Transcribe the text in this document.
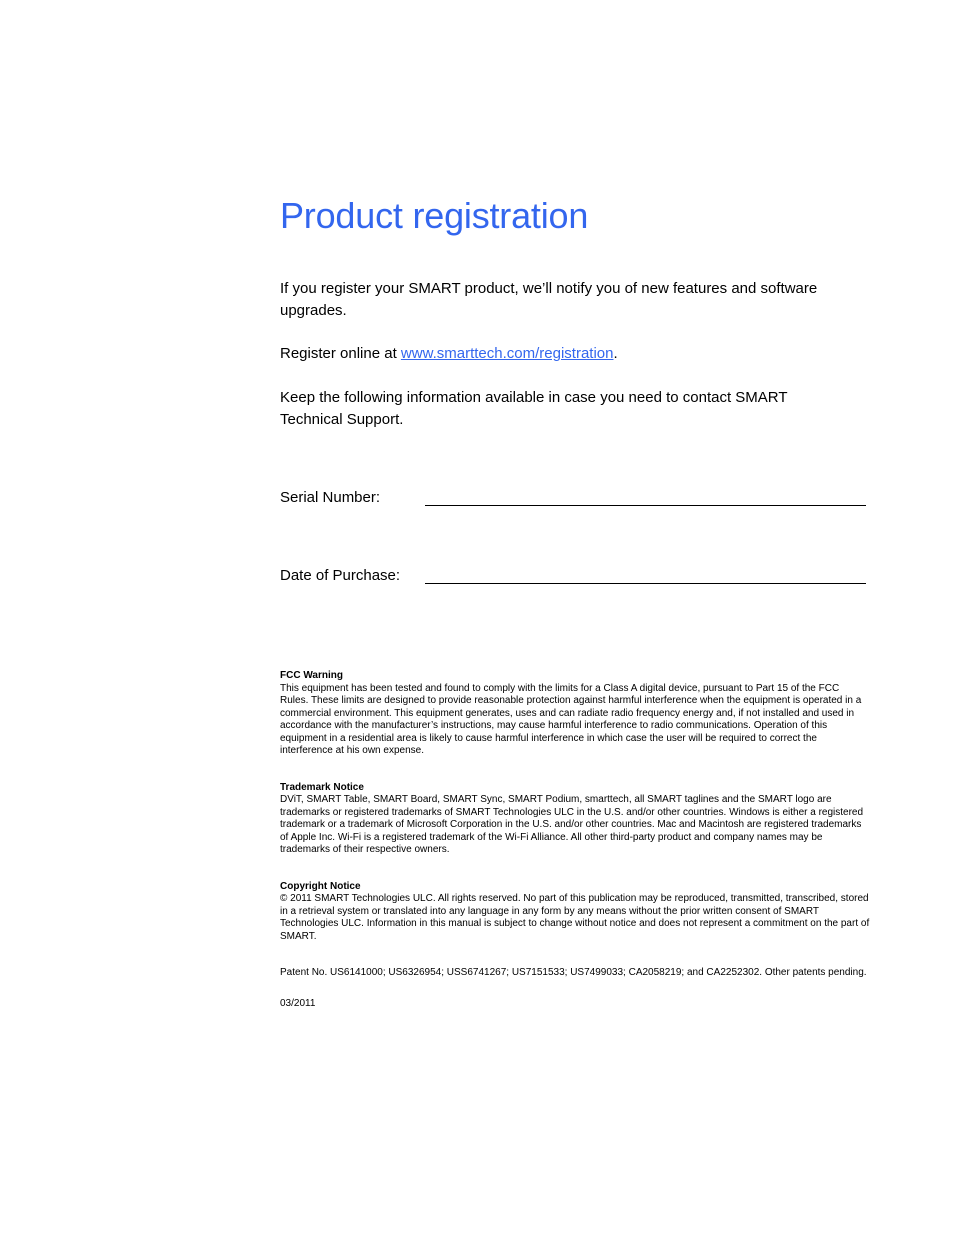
Product registration

If you register your SMART product, we’ll notify you of new features and software upgrades.

Register online at www.smarttech.com/registration.

Keep the following information available in case you need to contact SMART Technical Support.

Serial Number:
Date of Purchase:

FCC Warning

This equipment has been tested and found to comply with the limits for a Class A digital device, pursuant to Part 15 of the FCC Rules. These limits are designed to provide reasonable protection against harmful interference when the equipment is operated in a commercial environment. This equipment generates, uses and can radiate radio frequency energy and, if not installed and used in accordance with the manufacturer’s instructions, may cause harmful interference to radio communications. Operation of this equipment in a residential area is likely to cause harmful interference in which case the user will be required to correct the interference at his own expense.

Trademark Notice

DViT, SMART Table, SMART Board, SMART Sync, SMART Podium, smarttech, all SMART taglines and the SMART logo are trademarks or registered trademarks of SMART Technologies ULC in the U.S. and/or other countries. Windows is either a registered trademark or a trademark of Microsoft Corporation in the U.S. and/or other countries. Mac and Macintosh are registered trademarks of Apple Inc. Wi-Fi is a registered trademark of the Wi-Fi Alliance. All other third-party product and company names may be trademarks of their respective owners.

Copyright Notice

© 2011 SMART Technologies ULC. All rights reserved. No part of this publication may be reproduced, transmitted, transcribed, stored in a retrieval system or translated into any language in any form by any means without the prior written consent of SMART Technologies ULC. Information in this manual is subject to change without notice and does not represent a commitment on the part of SMART.

Patent No. US6141000; US6326954; USS6741267; US7151533; US7499033; CA2058219; and CA2252302. Other patents pending.

03/2011
